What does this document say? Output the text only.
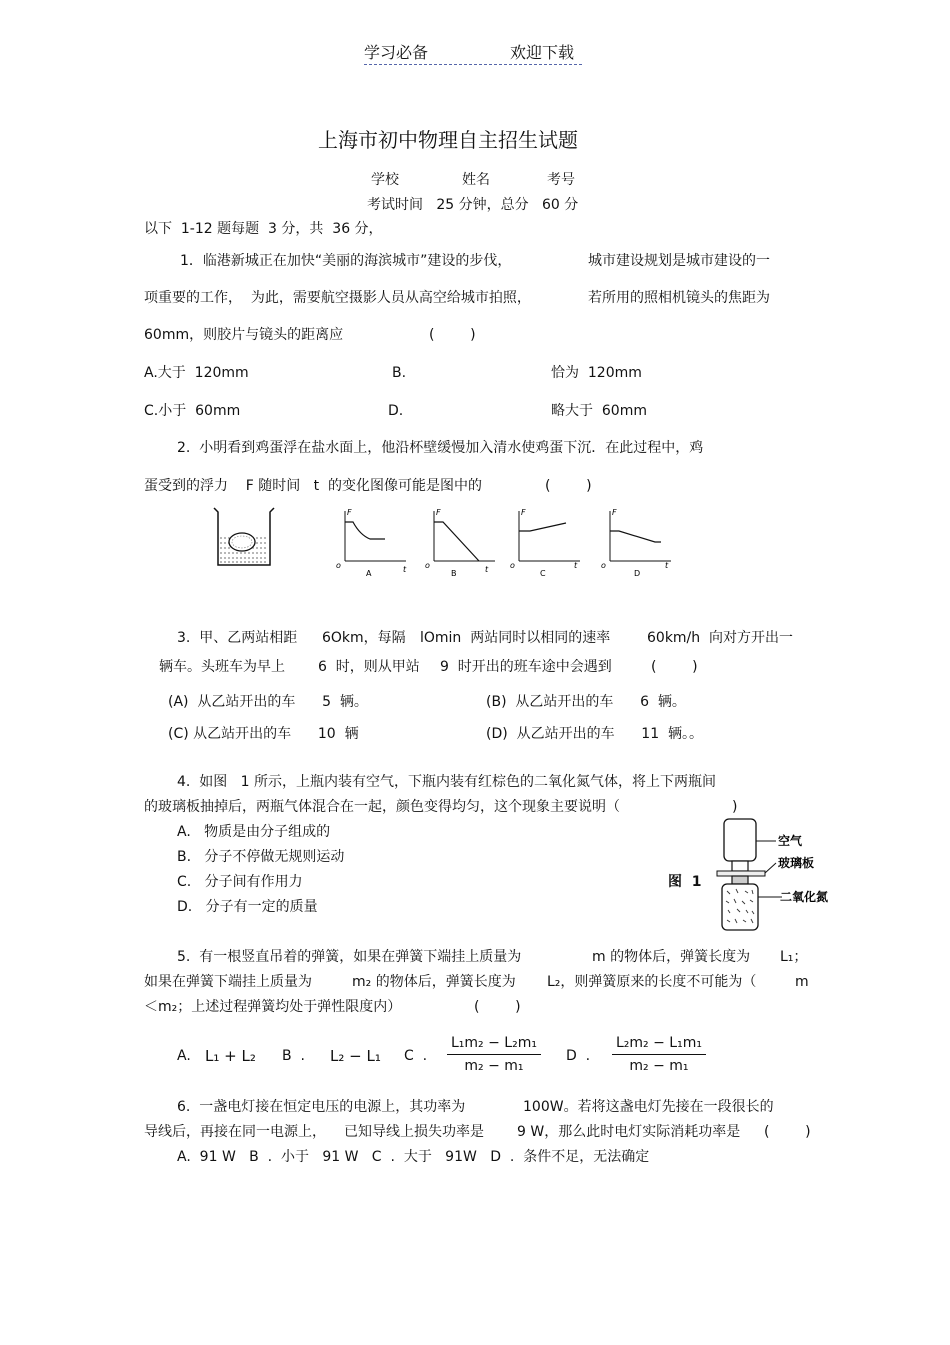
学习必备	欢迎下载
上海市初中物理自主招生试题
学校	姓名	考号
考试时间   25 分钟，总分   60 分
以下  1-12 题每题  3 分，共  36 分，
1．临港新城正在加快“美丽的海滨城市”建设的步伐，	城市建设规划是城市建设的一
项重要的工作，  为此，需要航空摄影人员从高空给城市拍照，	若所用的照相机镜头的焦距为
60mm，则胶片与镜头的距离应	(        )
A.大于  120mm	B.	恰为  120mm
C.小于  60mm	D.	略大于  60mm
2.  小明看到鸡蛋浮在盐水面上，他沿杯壁缓慢加入清水使鸡蛋下沉．在此过程中，鸡
蛋受到的浮力    F 随时间   t  的变化图像可能是图中的	(        )
F
o	t
A
F
o	t
B
F
o	t
C
F
o	t
D
3.  甲、乙两站相距 6Okm，每隔 lOmin  两站同时以相同的速率	60km/h  向对方开出一
辆车。头班车为早上 6  时，则从甲站 9  时开出的班车途中会遇到	(        )
(A)  从乙站开出的车      5  辆。	(B)  从乙站开出的车      6  辆。
(C) 从乙站开出的车      10  辆	(D)  从乙站开出的车      11  辆。。
4.  如图   1 所示，上瓶内装有空气，下瓶内装有红棕色的二氧化氮气体，将上下两瓶间
的玻璃板抽掉后，两瓶气体混合在一起，颜色变得均匀，这个现象主要说明（	)
A.   物质是由分子组成的
B.   分子不停做无规则运动
C.   分子间有作用力
D.   分子有一定的质量
图  1
空气
玻璃板
二氧化氮
5.  有一根竖直吊着的弹簧，如果在弹簧下端挂上质量为	m 的物体后，弹簧长度为 L₁；
如果在弹簧下端挂上质量为	m₂ 的物体后，弹簧长度为 L₂，则弹簧原来的长度不可能为（	m
＜m₂；上述过程弹簧均处于弹性限度内）	(        )
A. L₁ + L₂ B  . L₂ − L₁ C  . $\frac{\text{L₁m₂ − L₂m₁}}{\text{m₂ − m₁}}$ D  . $\frac{\text{L₂m₂ − L₁m₁}}{\text{m₂ − m₁}}$
6.  一盏电灯接在恒定电压的电源上，其功率为	100W。若将这盏电灯先接在一段很长的
导线后，再接在同一电源上， 已知导线上损失功率是 9 W，那么此时电灯实际消耗功率是 (        )
A.  91 W   B  .  小于   91 W   C  .  大于   91W   D  .  条件不足，无法确定
